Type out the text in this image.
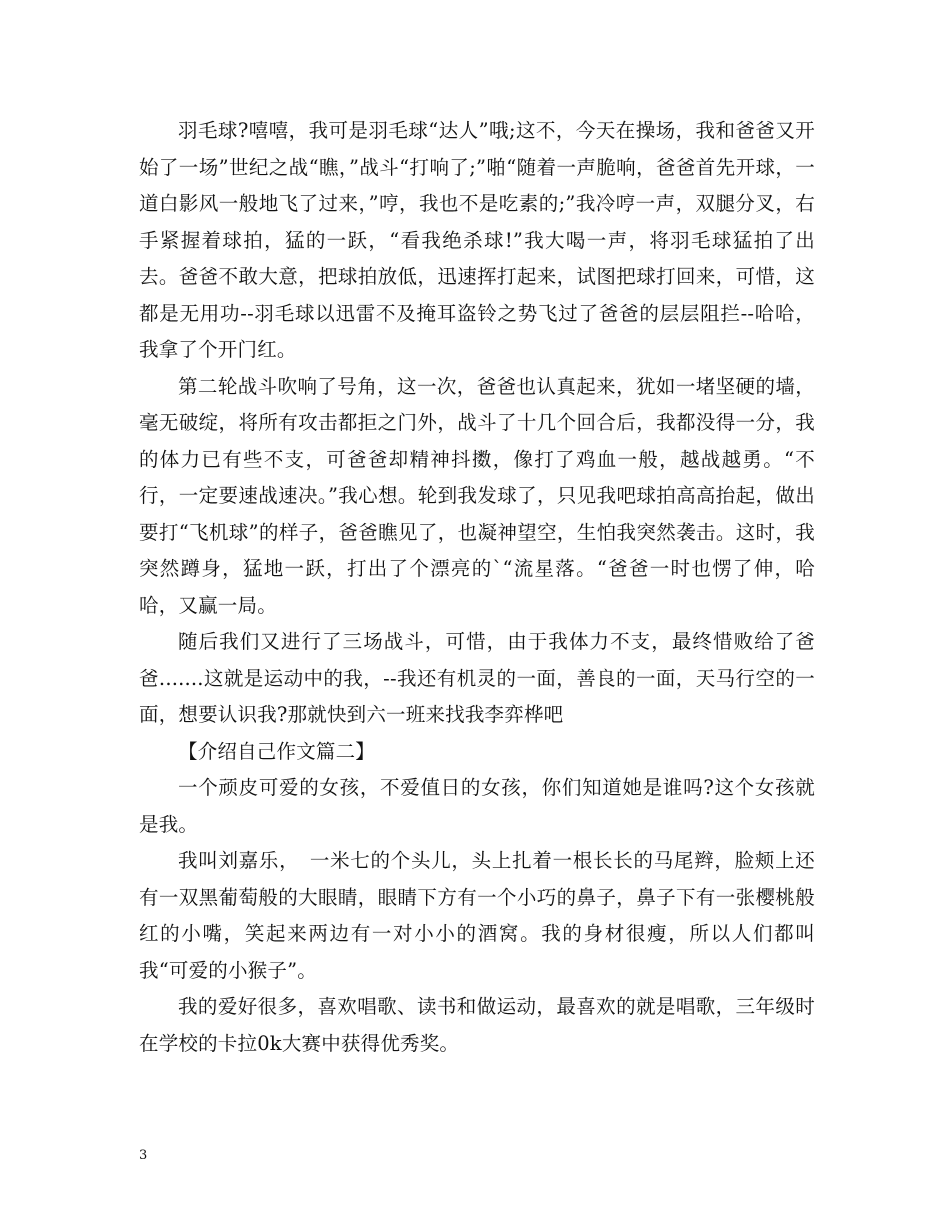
羽毛球?嘻嘻，我可是羽毛球“达人”哦;这不，今天在操场，我和爸爸又开始了一场”世纪之战“瞧，”战斗“打响了;”啪“随着一声脆响，爸爸首先开球，一道白影风一般地飞了过来，”哼，我也不是吃素的;”我冷哼一声，双腿分叉，右手紧握着球拍，猛的一跃，“看我绝杀球!”我大喝一声，将羽毛球猛拍了出去。爸爸不敢大意，把球拍放低，迅速挥打起来，试图把球打回来，可惜，这都是无用功--羽毛球以迅雷不及掩耳盗铃之势飞过了爸爸的层层阻拦--哈哈，我拿了个开门红。

第二轮战斗吹响了号角，这一次，爸爸也认真起来，犹如一堵坚硬的墙，毫无破绽，将所有攻击都拒之门外，战斗了十几个回合后，我都没得一分，我的体力已有些不支，可爸爸却精神抖擞，像打了鸡血一般，越战越勇。“不行，一定要速战速决。”我心想。轮到我发球了，只见我吧球拍高高抬起，做出要打“飞机球”的样子，爸爸瞧见了，也凝神望空，生怕我突然袭击。这时，我突然蹲身，猛地一跃，打出了个漂亮的`“流星落。“爸爸一时也愣了伸，哈哈，又赢一局。

随后我们又进行了三场战斗，可惜，由于我体力不支，最终惜败给了爸爸.......这就是运动中的我，--我还有机灵的一面，善良的一面，天马行空的一面，想要认识我?那就快到六一班来找我李弈桦吧

【介绍自己作文篇二】

一个顽皮可爱的女孩，不爱值日的女孩，你们知道她是谁吗?这个女孩就是我。

我叫刘嘉乐，　一米七的个头儿，头上扎着一根长长的马尾辫，脸颊上还有一双黑葡萄般的大眼睛，眼睛下方有一个小巧的鼻子，鼻子下有一张樱桃般红的小嘴，笑起来两边有一对小小的酒窝。我的身材很瘦，所以人们都叫我“可爱的小猴子”。

我的爱好很多，喜欢唱歌、读书和做运动，最喜欢的就是唱歌，三年级时在学校的卡拉0k大赛中获得优秀奖。

3
